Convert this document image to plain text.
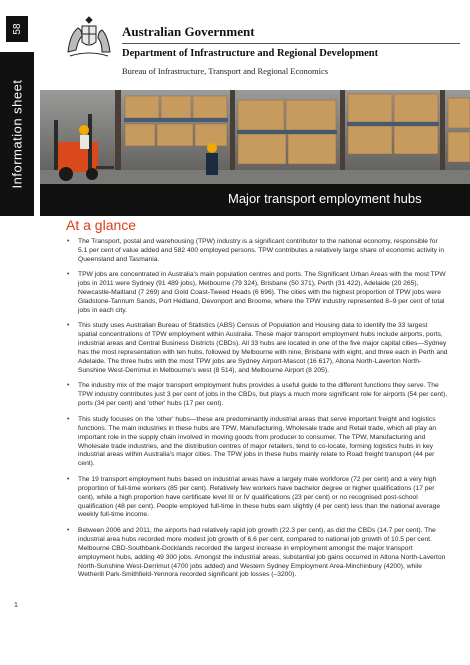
58
Information sheet
1
Australian Government
Department of Infrastructure and Regional Development
Bureau of Infrastructure, Transport and Regional Economics
Major transport employment hubs
At a glance
• The Transport, postal and warehousing (TPW) industry is a significant contributor to the national economy, responsible for 5.1 per cent of value added and 582 400 employed persons. TPW contributes a relatively large share of economic activity in Queensland and Tasmania.
• TPW jobs are concentrated in Australia's main population centres and ports. The Significant Urban Areas with the most TPW jobs in 2011 were Sydney (91 489 jobs), Melbourne (79 324), Brisbane (50 371), Perth (31 422), Adelaide (20 265), Newcastle-Maitland (7 269) and Gold Coast-Tweed Heads (6 696). The cities with the highest proportion of TPW jobs were Gladstone-Tannum Sands, Port Hedland, Devonport and Broome, where the TPW industry represented 8–9 per cent of total jobs in each city.
• This study uses Australian Bureau of Statistics (ABS) Census of Population and Housing data to identify the 33 largest spatial concentrations of TPW employment within Australia. These major transport employment hubs include airports, ports, industrial areas and Central Business Districts (CBDs). All 33 hubs are located in one of the five major capital cities—Sydney has the most representation with ten hubs, followed by Melbourne with nine, Brisbane with eight, and three each in Perth and Adelaide. The three hubs with the most TPW jobs are Sydney Airport-Mascot (16 617), Altona North-Laverton North-Sunshine West-Derrimut in Melbourne's west (8 514), and Melbourne Airport (8 205).
• The industry mix of the major transport employment hubs provides a useful guide to the different functions they serve. The TPW industry contributes just 3 per cent of jobs in the CBDs, but plays a much more significant role for airports (54 per cent), ports (34 per cent) and 'other' hubs (17 per cent).
• This study focuses on the 'other' hubs—these are predominantly industrial areas that serve important freight and logistics functions. The main industries in these hubs are TPW, Manufacturing, Wholesale trade and Retail trade, which all play an important role in the supply chain involved in moving goods from producer to consumer. The TPW, Manufacturing and Wholesale trade industries, and the distribution centres of major retailers, tend to co-locate, forming logistics hubs in key industrial areas within Australia's major cities. The TPW jobs in these hubs mainly relate to Road freight transport (44 per cent).
• The 19 transport employment hubs based on industrial areas have a largely male workforce (72 per cent) and a very high proportion of full-time workers (85 per cent). Relatively few workers have bachelor degree or higher qualifications (17 per cent), while a high proportion have certificate level III or IV qualifications (23 per cent) or no recognised post-school qualification (48 per cent). People employed full-time in these hubs earn slightly (4 per cent) less than the national average weekly full-time income.
• Between 2006 and 2011, the airports had relatively rapid job growth (22.3 per cent), as did the CBDs (14.7 per cent). The industrial area hubs recorded more modest job growth of 6.6 per cent, compared to national job growth of 10.5 per cent. Melbourne CBD-Southbank-Docklands recorded the largest increase in employment amongst the major transport employment hubs, adding 49 300 jobs. Amongst the industrial areas, substantial job gains occurred in Altona North-Laverton North-Sunshine West-Derrimut (4700 jobs added) and Western Sydney Employment Area-Minchinbury (4200), while Wetherill Park-Smithfield-Yennora recorded significant job losses (–3200).
